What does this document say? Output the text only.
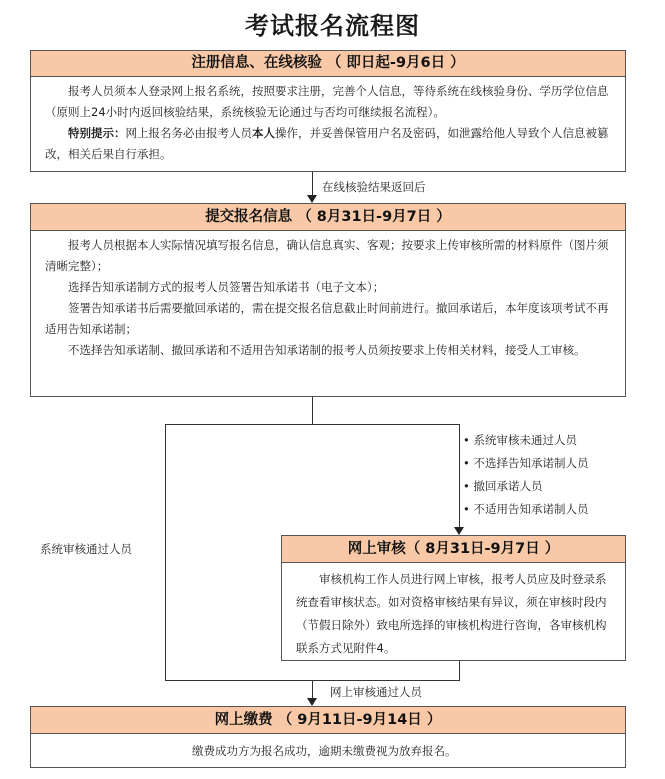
考试报名流程图
注册信息、在线核验 （ 即日起-9月6日 ）

报考人员须本人登录网上报名系统，按照要求注册，完善个人信息，等待系统在线核验身份、学历学位信息（原则上24小时内返回核验结果，系统核验无论通过与否均可继续报名流程）。

特别提示：网上报名务必由报考人员本人操作，并妥善保管用户名及密码，如泄露给他人导致个人信息被篡改，相关后果自行承担。

在线核验结果返回后
提交报名信息 （ 8月31日-9月7日 ）

报考人员根据本人实际情况填写报名信息，确认信息真实、客观；按要求上传审核所需的材料原件（图片须清晰完整）；

选择告知承诺制方式的报考人员签署告知承诺书（电子文本）；

签署告知承诺书后需要撤回承诺的，需在提交报名信息截止时间前进行。撤回承诺后，本年度该项考试不再适用告知承诺制；

不选择告知承诺制、撤回承诺和不适用告知承诺制的报考人员须按要求上传相关材料，接受人工审核。

• 系统审核未通过人员
• 不选择告知承诺制人员
• 撤回承诺人员
• 不适用告知承诺制人员
系统审核通过人员	网上审核（ 8月31日-9月7日 ）

审核机构工作人员进行网上审核，报考人员应及时登录系统查看审核状态。如对资格审核结果有异议，须在审核时段内（节假日除外）致电所选择的审核机构进行咨询，各审核机构联系方式见附件4。

网上审核通过人员
网上缴费 （ 9月11日-9月14日 ）

缴费成功方为报名成功，逾期未缴费视为放弃报名。
